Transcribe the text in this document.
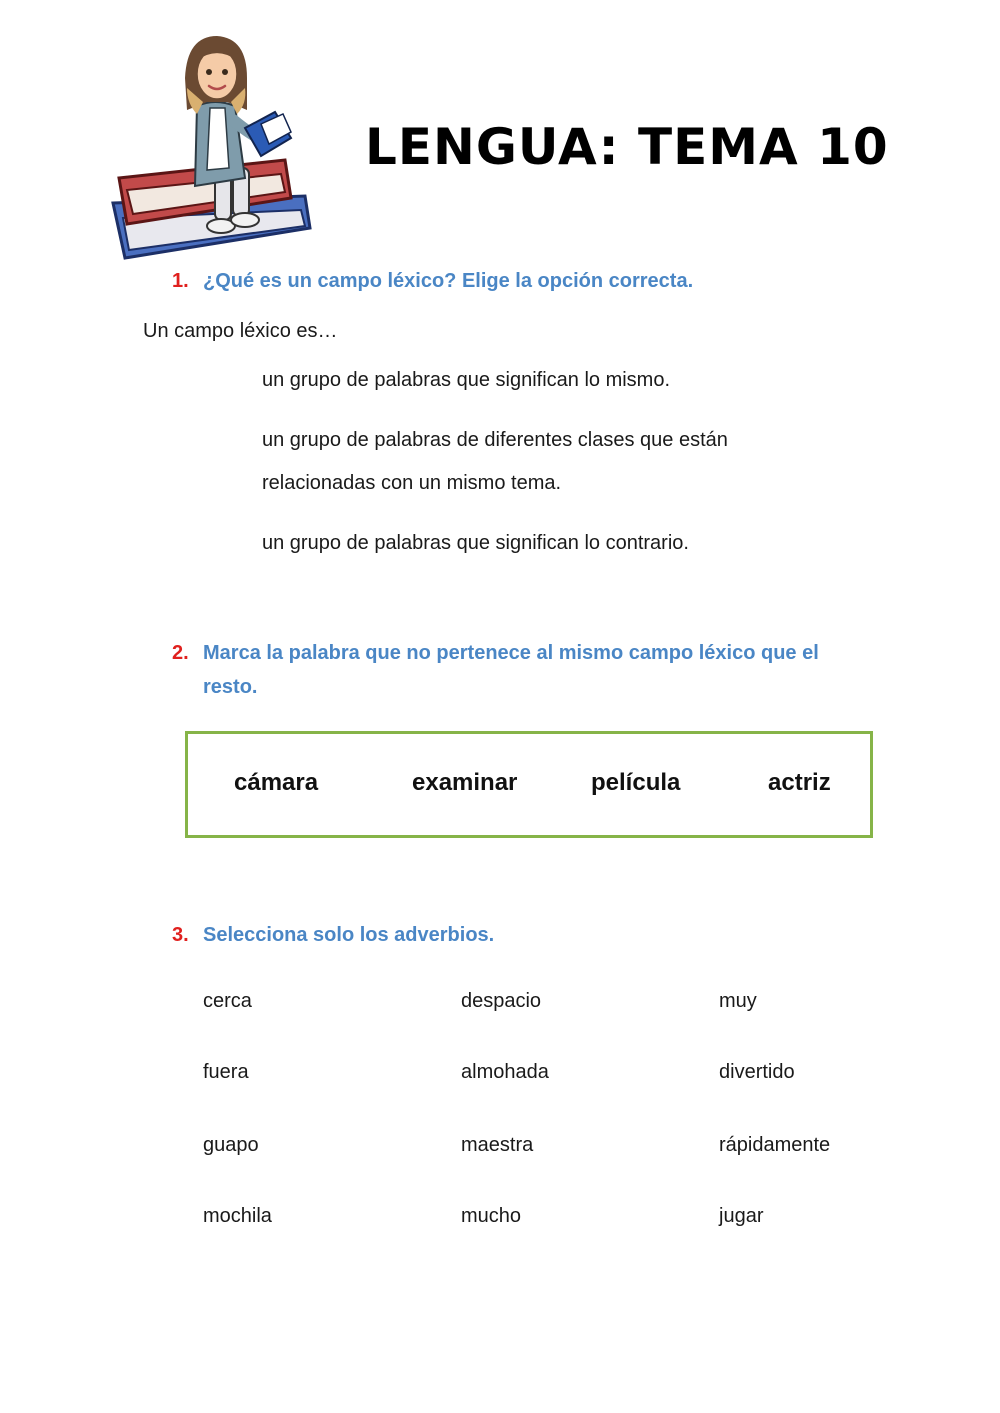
LENGUA: TEMA 10
1. ¿Qué es un campo léxico? Elige la opción correcta.
Un campo léxico es…
un grupo de palabras que significan lo mismo.
un grupo de palabras de diferentes clases que están
relacionadas con un mismo tema.
un grupo de palabras que significan lo contrario.
2. Marca la palabra que no pertenece al mismo campo léxico que el resto.
cámara	examinar	película	actriz
3. Selecciona solo los adverbios.
cerca	despacio	muy
fuera	almohada	divertido
guapo	maestra	rápidamente
mochila	mucho	jugar
